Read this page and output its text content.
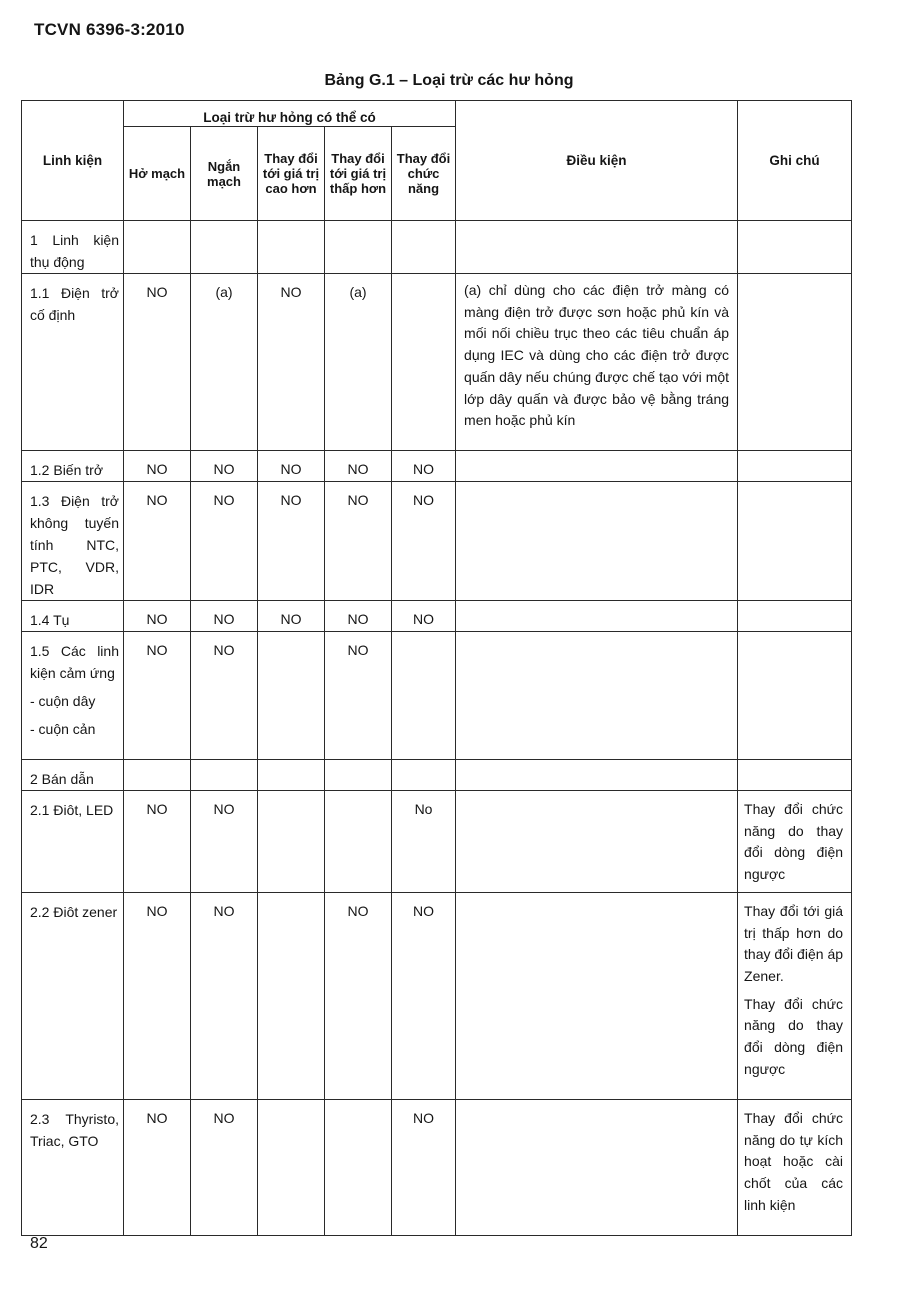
TCVN 6396-3:2010
Bảng G.1 – Loại trừ các hư hỏng
Linh kiện	Loại trừ hư hỏng có thể có					Điều kiện	Ghi chú
	Hở mạch	Ngắn mạch	Thay đổi tới giá trị cao hơn	Thay đổi tới giá trị thấp hơn	Thay đổi chức năng		

1 Linh kiện thụ động							

1.1 Điện trở cố định	NO	(a)	NO	(a)		(a) chỉ dùng cho các điện trở màng có màng điện trở được sơn hoặc phủ kín và mối nối chiều trục theo các tiêu chuẩn áp dụng IEC và dùng cho các điện trở được quấn dây nếu chúng được chế tạo với một lớp dây quấn và được bảo vệ bằng tráng men hoặc phủ kín	

1.2 Biến trở	NO	NO	NO	NO	NO		

1.3 Điện trở không tuyến tính NTC, PTC, VDR, IDR	NO	NO	NO	NO	NO		

1.4 Tụ	NO	NO	NO	NO	NO		

1.5 Các linh kiện cảm ứng
- cuộn dây
- cuộn cản	NO	NO		NO			

2 Bán dẫn							

2.1 Điôt, LED	NO	NO			No		Thay đổi chức năng do thay đổi dòng điện ngược

2.2 Điôt zener	NO	NO		NO	NO		Thay đổi tới giá trị thấp hơn do thay đổi điện áp Zener.

Thay đổi chức năng do thay đổi dòng điện ngược

2.3 Thyristo, Triac, GTO	NO	NO			NO		Thay đổi chức năng do tự kích hoạt hoặc cài chốt của các linh kiện

82
